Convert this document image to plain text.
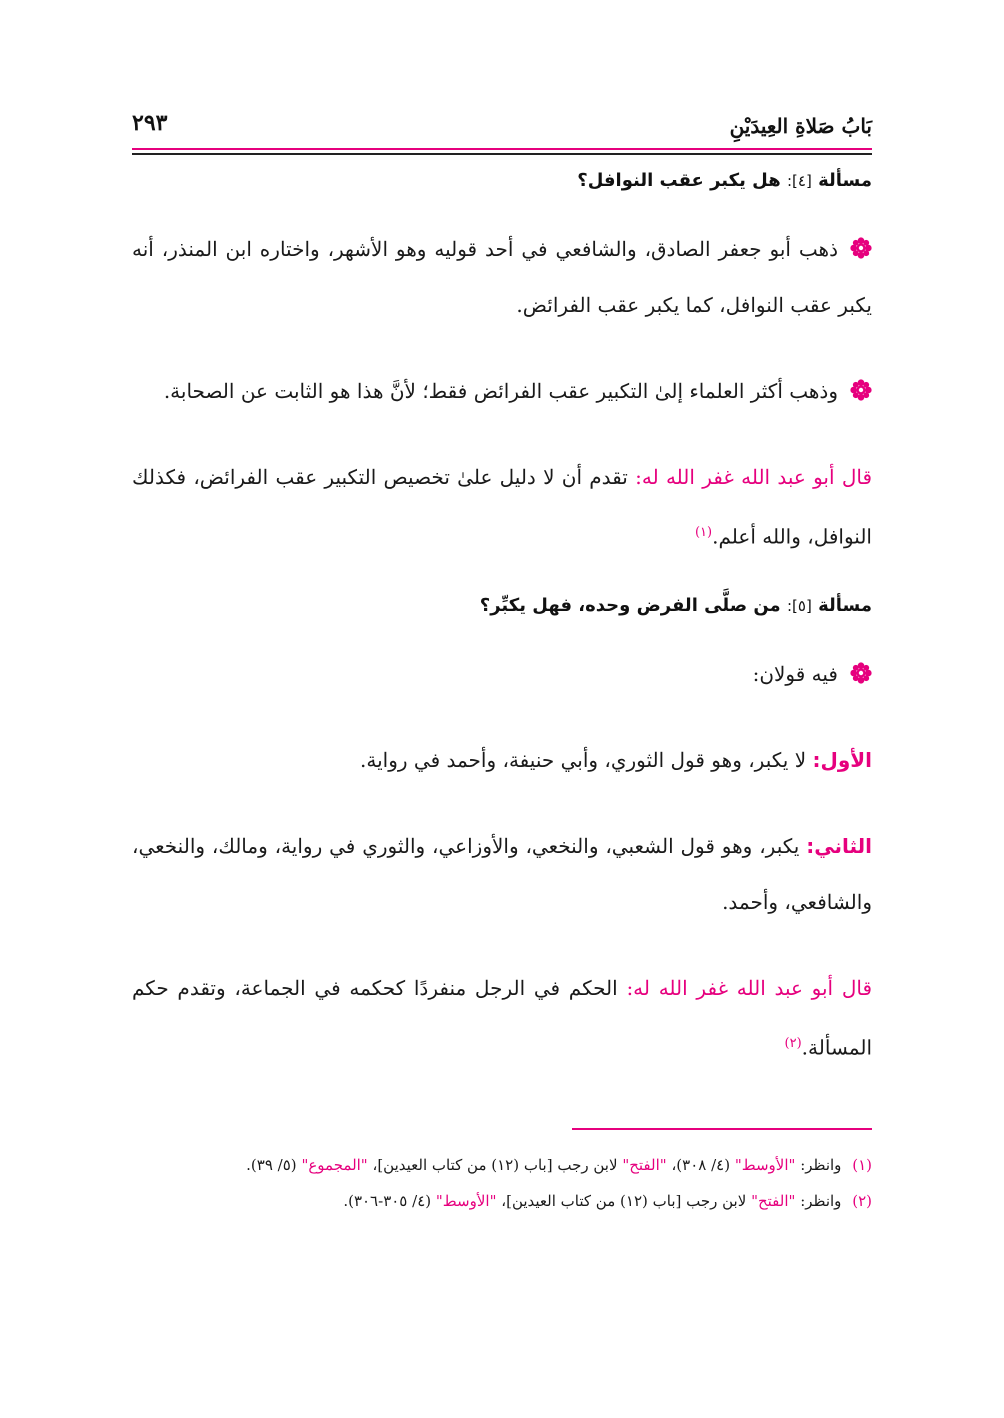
بَابُ صَلاةِ العِيدَيْنِ
٢٩٣
مسألة [٤]: هل يكبر عقب النوافل؟

ذهب أبو جعفر الصادق، والشافعي في أحد قوليه وهو الأشهر، واختاره ابن المنذر، أنه يكبر عقب النوافل، كما يكبر عقب الفرائض.

وذهب أكثر العلماء إلىٰ التكبير عقب الفرائض فقط؛ لأنَّ هذا هو الثابت عن الصحابة.

قال أبو عبد الله غفر الله له: تقدم أن لا دليل علىٰ تخصيص التكبير عقب الفرائض، فكذلك النوافل، والله أعلم.$^{(١)}$

مسألة [٥]: من صلَّى الفرض وحده، فهل يكبِّر؟

فيه قولان:

الأول: لا يكبر، وهو قول الثوري، وأبي حنيفة، وأحمد في رواية.

الثاني: يكبر، وهو قول الشعبي، والنخعي، والأوزاعي، والثوري في رواية، ومالك، والنخعي، والشافعي، وأحمد.

قال أبو عبد الله غفر الله له: الحكم في الرجل منفردًا كحكمه في الجماعة، وتقدم حكم المسألة.$^{(٢)}$

(١) وانظر: "الأوسط" (٤/ ٣٠٨)، "الفتح" لابن رجب [باب (١٢) من كتاب العيدين]، "المجموع" (٥/ ٣٩).
(٢) وانظر: "الفتح" لابن رجب [باب (١٢) من كتاب العيدين]، "الأوسط" (٤/ ٣٠٥-٣٠٦).
